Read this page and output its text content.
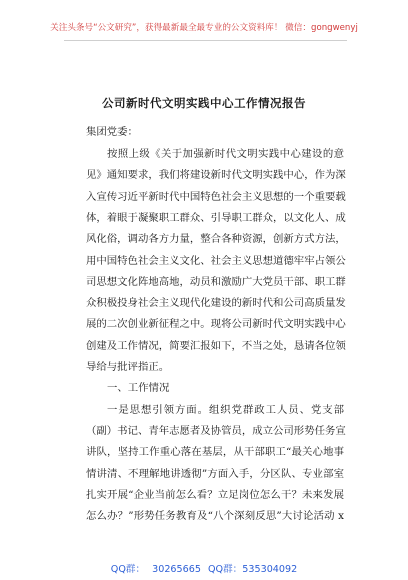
关注头条号“公文研究”，获得最新最全最专业的公文资料库！ 微信：gongwenyj
公司新时代文明实践中心工作情况报告
集团党委：
按照上级《关于加强新时代文明实践中心建设的意
见》通知要求，我们将建设新时代文明实践中心，作为深
入宣传习近平新时代中国特色社会主义思想的一个重要载
体，着眼于凝聚职工群众、引导职工群众，以文化人、成
风化俗，调动各方力量，整合各种资源，创新方式方法，
用中国特色社会主义文化、社会主义思想道德牢牢占领公
司思想文化阵地高地，动员和激励广大党员干部、职工群
众积极投身社会主义现代化建设的新时代和公司高质量发
展的二次创业新征程之中。现将公司新时代文明实践中心
创建及工作情况，简要汇报如下，不当之处，恳请各位领
导给与批评指正。
一、工作情况
一是思想引领方面。组织党群政工人员、党支部
（副）书记、青年志愿者及协管员，成立公司形势任务宣
讲队，坚持工作重心落在基层，从干部职工“最关心地事
情讲清、不理解地讲透彻”方面入手，分区队、专业部室
扎实开展“企业当前怎么看？立足岗位怎么干？未来发展
怎么办？”形势任务教育及“八个深刻反思”大讨论活动 x
QQ群： 30265665 QQ群：535304092
